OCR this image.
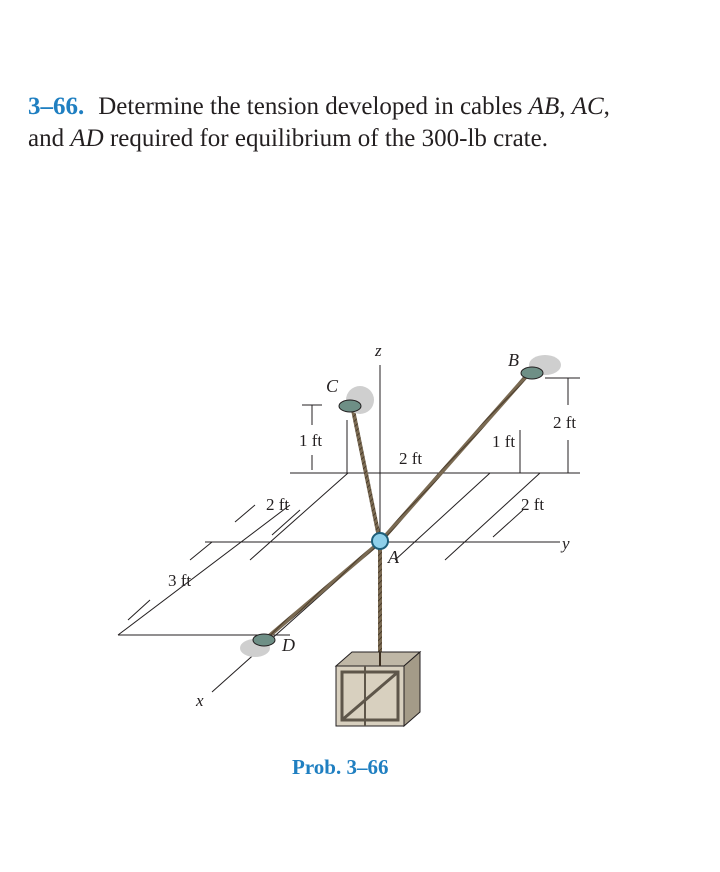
3–66. Determine the tension developed in cables AB, AC,
and AD required for equilibrium of the 300-lb crate.
z
y
x
A
B
C
D
1 ft
2 ft
1 ft
2 ft
2 ft
2 ft
3 ft
Prob. 3–66
